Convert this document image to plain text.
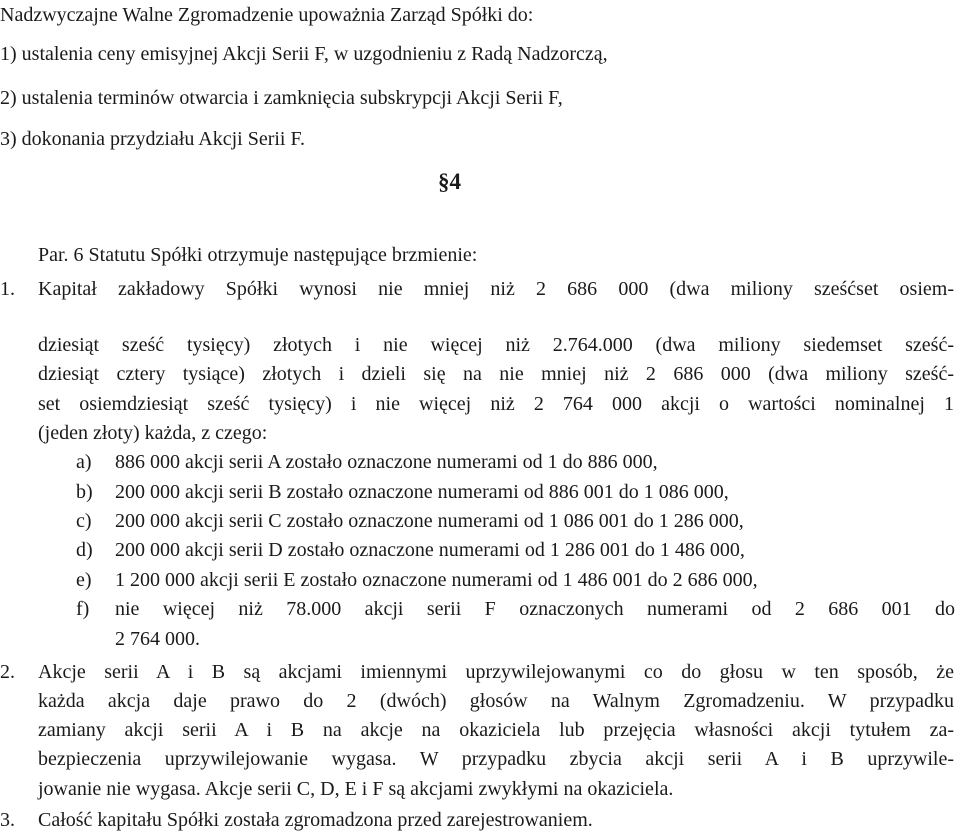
Nadzwyczajne Walne Zgromadzenie upoważnia Zarząd Spółki do:
1) ustalenia ceny emisyjnej Akcji Serii F, w uzgodnieniu z Radą Nadzorczą,
2) ustalenia terminów otwarcia i zamknięcia subskrypcji Akcji Serii F,
3) dokonania przydziału Akcji Serii F.
§4
Par. 6 Statutu Spółki otrzymuje następujące brzmienie:
1. Kapitał zakładowy Spółki wynosi nie mniej niż 2 686 000 (dwa miliony sześćset osiem-
dziesiąt sześć tysięcy) złotych i nie więcej niż 2.764.000 (dwa miliony siedemset sześć-
dziesiąt cztery tysiące) złotych i dzieli się na nie mniej niż 2 686 000 (dwa miliony sześć-
set osiemdziesiąt sześć tysięcy) i nie więcej niż 2 764 000 akcji o wartości nominalnej 1
(jeden złoty) każda, z czego:
a) 886 000 akcji serii A zostało oznaczone numerami od 1 do 886 000,
b) 200 000 akcji serii B zostało oznaczone numerami od 886 001 do 1 086 000,
c) 200 000 akcji serii C zostało oznaczone numerami od 1 086 001 do 1 286 000,
d) 200 000 akcji serii D zostało oznaczone numerami od 1 286 001 do 1 486 000,
e) 1 200 000 akcji serii E zostało oznaczone numerami od 1 486 001 do 2 686 000,
f) nie więcej niż 78.000 akcji serii F oznaczonych numerami od 2 686 001 do
2 764 000.
2. Akcje serii A i B są akcjami imiennymi uprzywilejowanymi co do głosu w ten sposób, że
każda akcja daje prawo do 2 (dwóch) głosów na Walnym Zgromadzeniu. W przypadku
zamiany akcji serii A i B na akcje na okaziciela lub przejęcia własności akcji tytułem za-
bezpieczenia uprzywilejowanie wygasa. W przypadku zbycia akcji serii A i B uprzywile-
jowanie nie wygasa. Akcje serii C, D, E i F są akcjami zwykłymi na okaziciela.
3. Całość kapitału Spółki została zgromadzona przed zarejestrowaniem.
